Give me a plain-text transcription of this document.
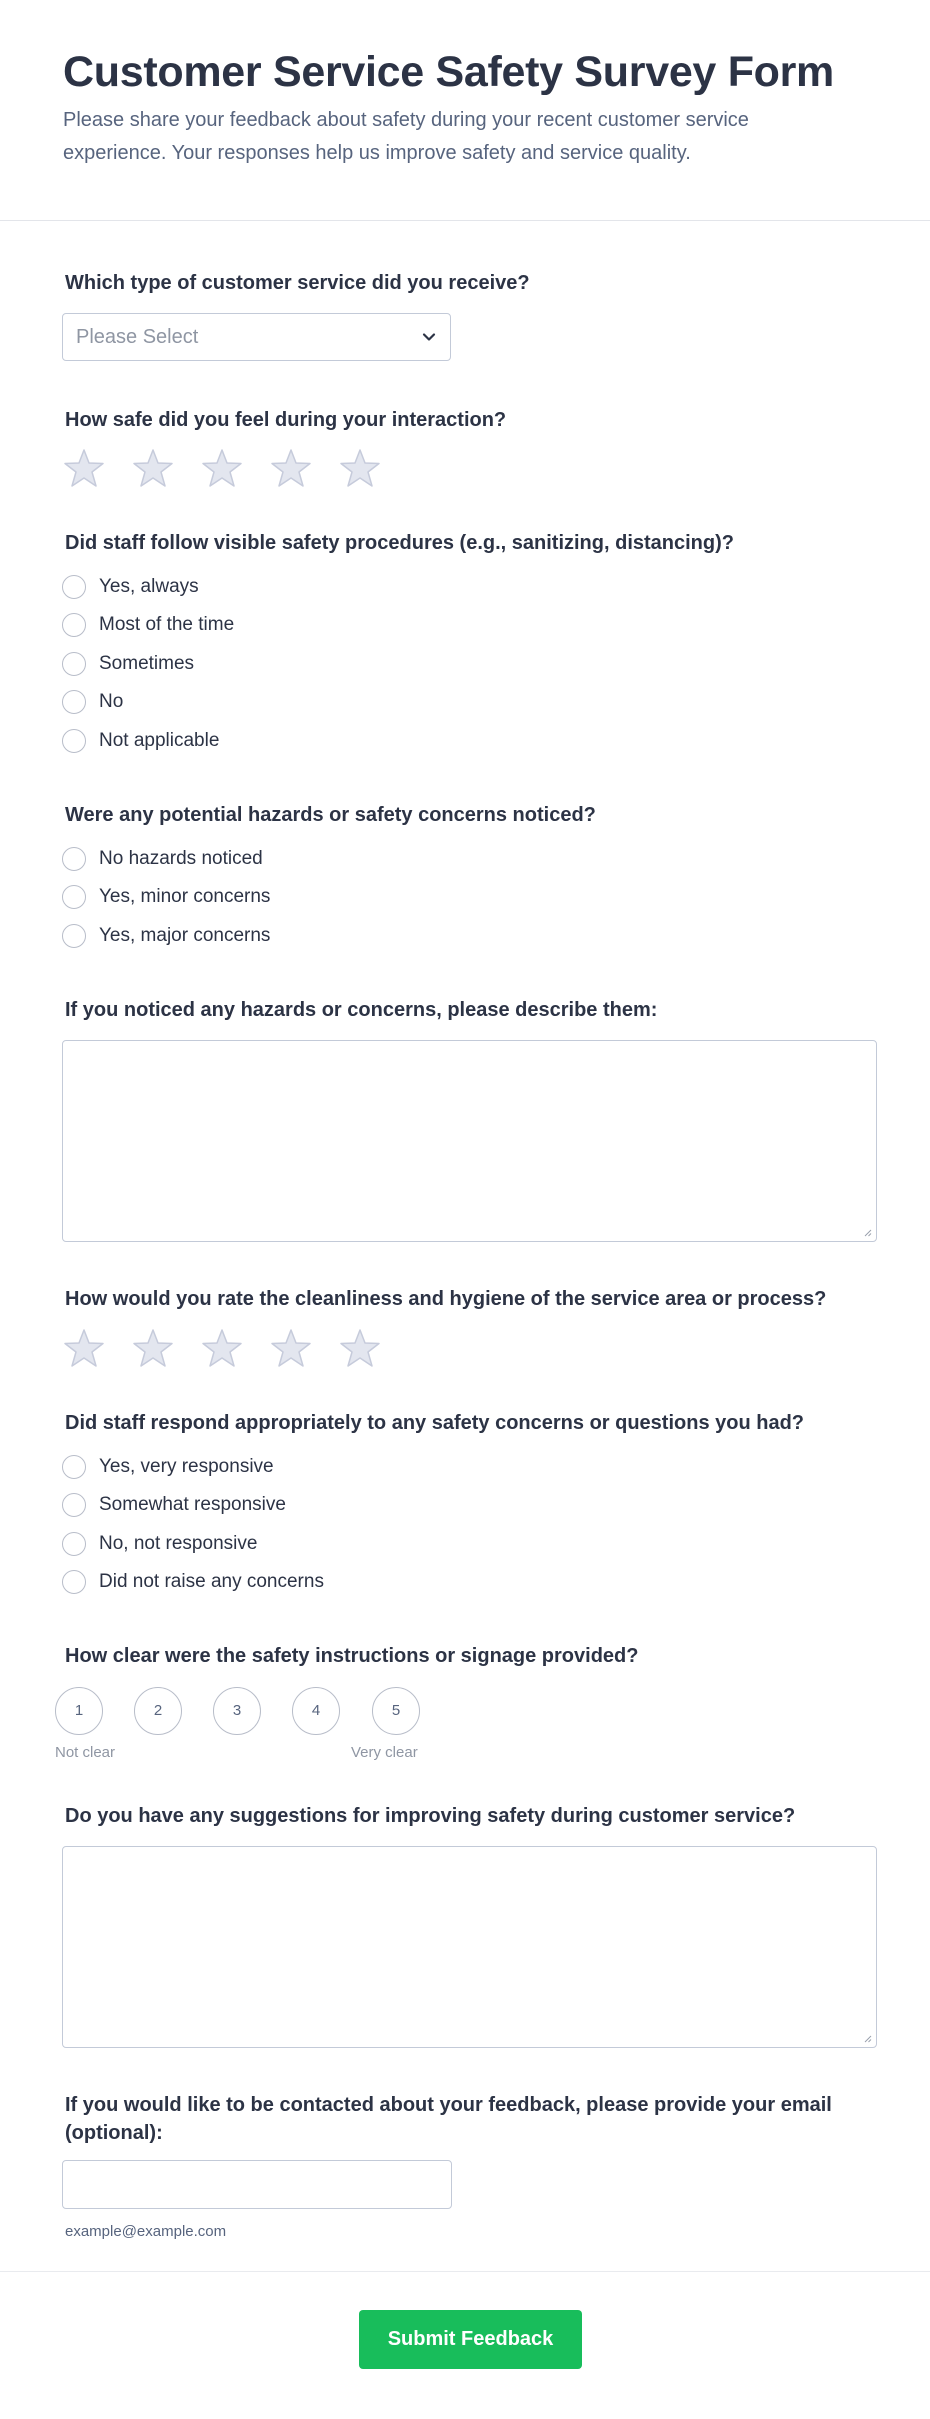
Customer Service Safety Survey Form

Please share your feedback about safety during your recent customer service experience. Your responses help us improve safety and service quality.

Which type of customer service did you receive?
Please Select
How safe did you feel during your interaction?
Did staff follow visible safety procedures (e.g., sanitizing, distancing)?
Yes, always
Most of the time
Sometimes
No
Not applicable
Were any potential hazards or safety concerns noticed?
No hazards noticed
Yes, minor concerns
Yes, major concerns
If you noticed any hazards or concerns, please describe them:
How would you rate the cleanliness and hygiene of the service area or process?
Did staff respond appropriately to any safety concerns or questions you had?
Yes, very responsive
Somewhat responsive
No, not responsive
Did not raise any concerns
How clear were the safety instructions or signage provided?
1	2	3	4	5
Not clear	Very clear
Do you have any suggestions for improving safety during customer service?
If you would like to be contacted about your feedback, please provide your email (optional):
example@example.com
Submit Feedback
